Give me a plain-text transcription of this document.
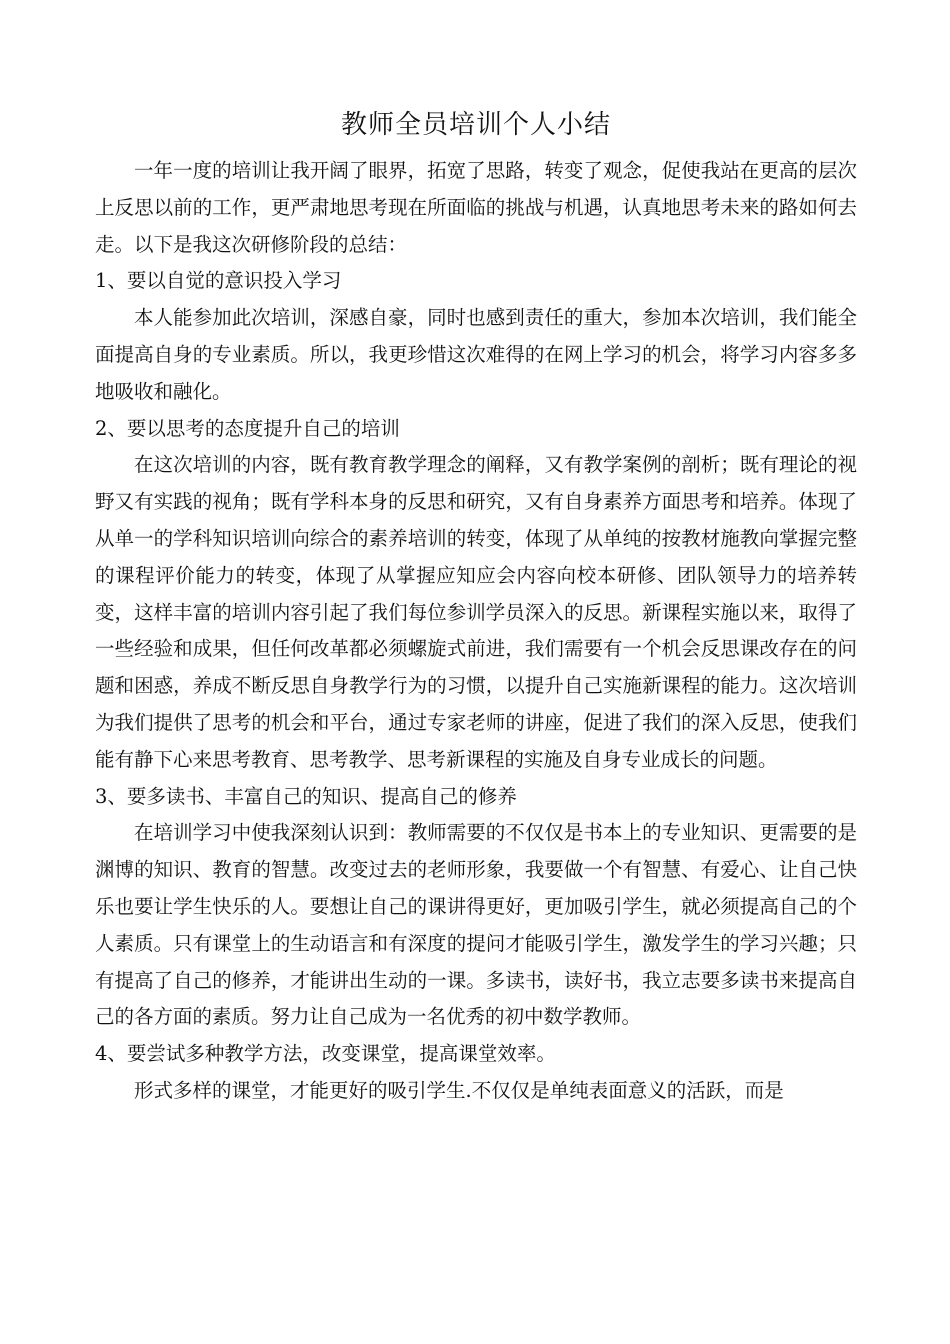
教师全员培训个人小结

一年一度的培训让我开阔了眼界，拓宽了思路，转变了观念，促使我站在更高的层次上反思以前的工作，更严肃地思考现在所面临的挑战与机遇，认真地思考未来的路如何去走。以下是我这次研修阶段的总结：

1、要以自觉的意识投入学习

本人能参加此次培训，深感自豪，同时也感到责任的重大，参加本次培训，我们能全面提高自身的专业素质。所以，我更珍惜这次难得的在网上学习的机会，将学习内容多多地吸收和融化。

2、要以思考的态度提升自己的培训

在这次培训的内容，既有教育教学理念的阐释，又有教学案例的剖析；既有理论的视野又有实践的视角；既有学科本身的反思和研究，又有自身素养方面思考和培养。体现了从单一的学科知识培训向综合的素养培训的转变，体现了从单纯的按教材施教向掌握完整的课程评价能力的转变，体现了从掌握应知应会内容向校本研修、团队领导力的培养转变，这样丰富的培训内容引起了我们每位参训学员深入的反思。新课程实施以来，取得了一些经验和成果，但任何改革都必须螺旋式前进，我们需要有一个机会反思课改存在的问题和困惑，养成不断反思自身教学行为的习惯，以提升自己实施新课程的能力。这次培训为我们提供了思考的机会和平台，通过专家老师的讲座，促进了我们的深入反思，使我们能有静下心来思考教育、思考教学、思考新课程的实施及自身专业成长的问题。

3、要多读书、丰富自己的知识、提高自己的修养

在培训学习中使我深刻认识到：教师需要的不仅仅是书本上的专业知识、更需要的是渊博的知识、教育的智慧。改变过去的老师形象，我要做一个有智慧、有爱心、让自己快乐也要让学生快乐的人。要想让自己的课讲得更好，更加吸引学生，就必须提高自己的个人素质。只有课堂上的生动语言和有深度的提问才能吸引学生，激发学生的学习兴趣；只有提高了自己的修养，才能讲出生动的一课。多读书，读好书，我立志要多读书来提高自己的各方面的素质。努力让自己成为一名优秀的初中数学教师。

4、要尝试多种教学方法，改变课堂，提高课堂效率。

形式多样的课堂，才能更好的吸引学生.不仅仅是单纯表面意义的活跃，而是
